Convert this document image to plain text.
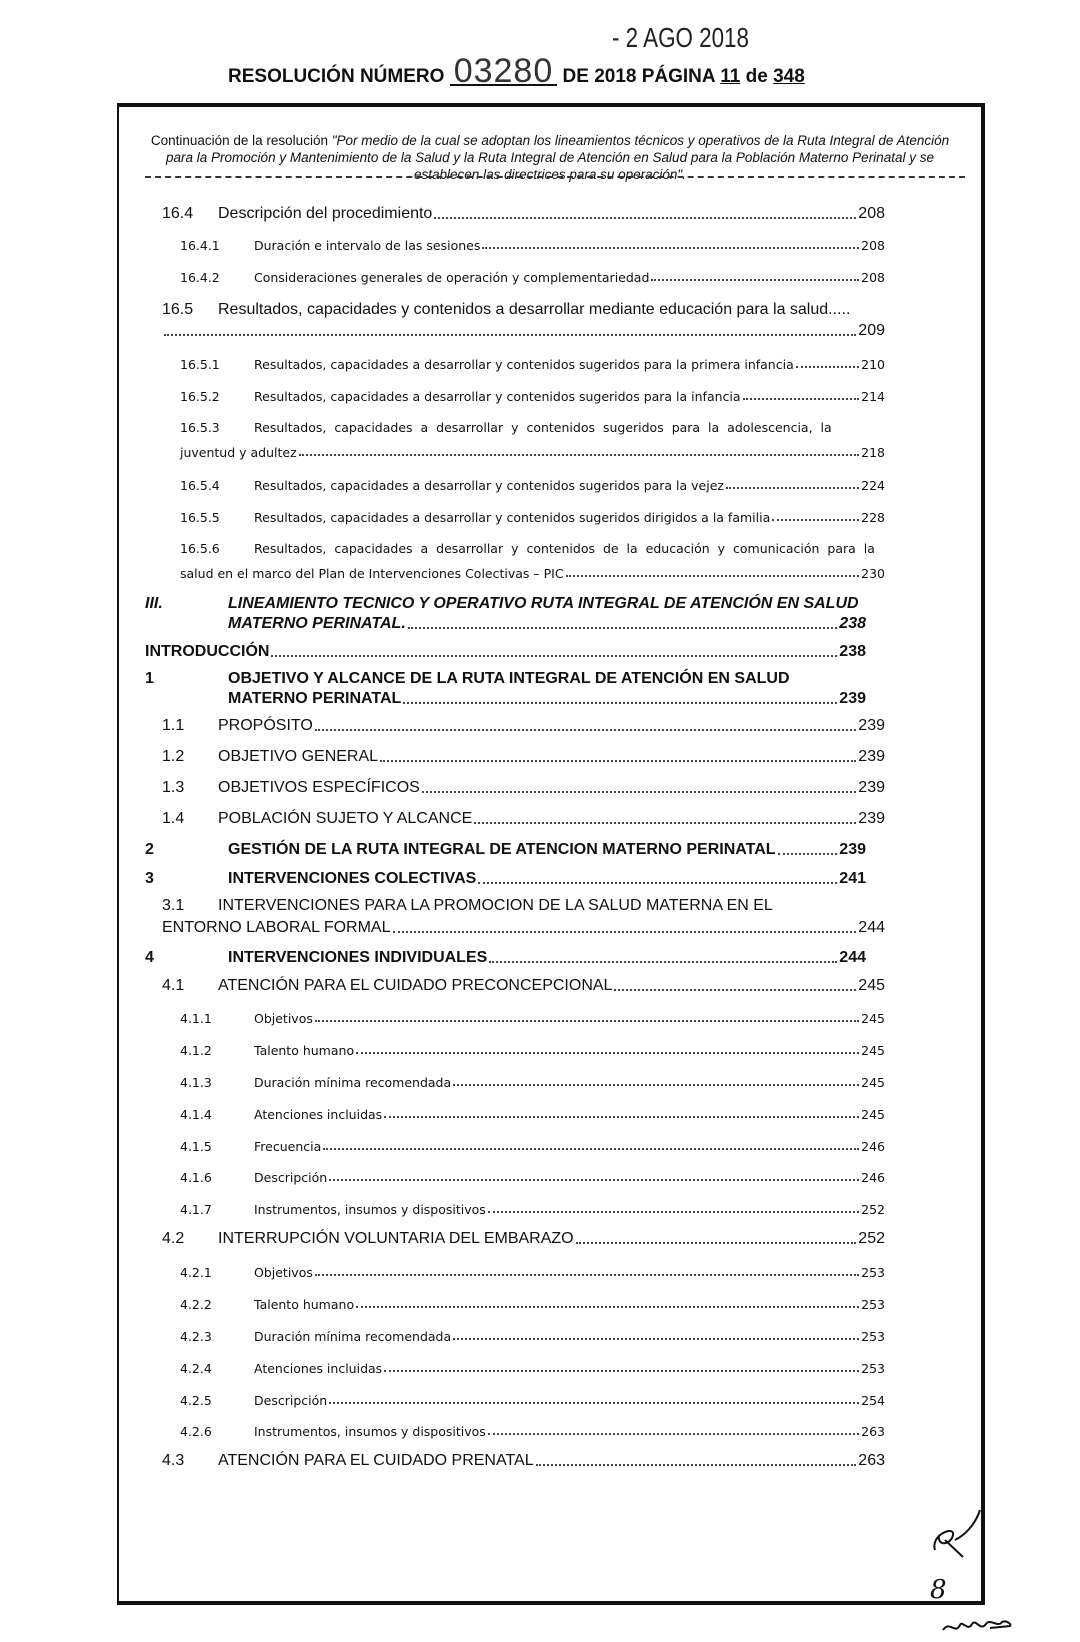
- 2 AGO 2018
RESOLUCIÓN NÚMERO 03280 DE 2018 PÁGINA 11 de 348
Continuación de la resolución "Por medio de la cual se adoptan los lineamientos técnicos y operativos de la Ruta Integral de Atención para la Promoción y Mantenimiento de la Salud y la Ruta Integral de Atención en Salud para la Población Materno Perinatal y se establecen las directrices para su operación".
16.4 Descripción del procedimiento	208
16.4.1	Duración e intervalo de las sesiones	208
16.4.2	Consideraciones generales de operación y complementariedad	208
16.5 Resultados, capacidades y contenidos a desarrollar mediante educación para la salud.....
209
16.5.1	Resultados, capacidades a desarrollar y contenidos sugeridos para la primera infancia	210
16.5.2	Resultados, capacidades a desarrollar y contenidos sugeridos para la infancia	214
16.5.3	Resultados, capacidades a desarrollar y contenidos sugeridos para la adolescencia, la
juventud y adultez	218
16.5.4	Resultados, capacidades a desarrollar y contenidos sugeridos para la vejez	224
16.5.5	Resultados, capacidades a desarrollar y contenidos sugeridos dirigidos a la familia	228
16.5.6	Resultados, capacidades a desarrollar y contenidos de la educación y comunicación para la
salud en el marco del Plan de Intervenciones Colectivas – PIC	230
III.	LINEAMIENTO TECNICO Y OPERATIVO RUTA INTEGRAL DE ATENCIÓN EN SALUD
MATERNO PERINATAL.	238
INTRODUCCIÓN	238
1	OBJETIVO Y ALCANCE DE LA RUTA INTEGRAL DE ATENCIÓN EN SALUD
MATERNO PERINATAL	239
1.1 PROPÓSITO	239
1.2 OBJETIVO GENERAL	239
1.3 OBJETIVOS ESPECÍFICOS	239
1.4 POBLACIÓN SUJETO Y ALCANCE	239
2	GESTIÓN DE LA RUTA INTEGRAL DE ATENCION MATERNO PERINATAL	239
3	INTERVENCIONES COLECTIVAS	241
3.1 INTERVENCIONES PARA LA PROMOCION DE LA SALUD MATERNA EN EL
ENTORNO LABORAL FORMAL	244
4	INTERVENCIONES INDIVIDUALES	244
4.1 ATENCIÓN PARA EL CUIDADO PRECONCEPCIONAL	245
4.1.1	Objetivos	245
4.1.2	Talento humano	245
4.1.3	Duración mínima recomendada	245
4.1.4	Atenciones incluidas	245
4.1.5	Frecuencia	246
4.1.6	Descripción	246
4.1.7	Instrumentos, insumos y dispositivos	252
4.2 INTERRUPCIÓN VOLUNTARIA DEL EMBARAZO	252
4.2.1	Objetivos	253
4.2.2	Talento humano	253
4.2.3	Duración mínima recomendada	253
4.2.4	Atenciones incluidas	253
4.2.5	Descripción	254
4.2.6	Instrumentos, insumos y dispositivos	263
4.3 ATENCIÓN PARA EL CUIDADO PRENATAL	263
8
